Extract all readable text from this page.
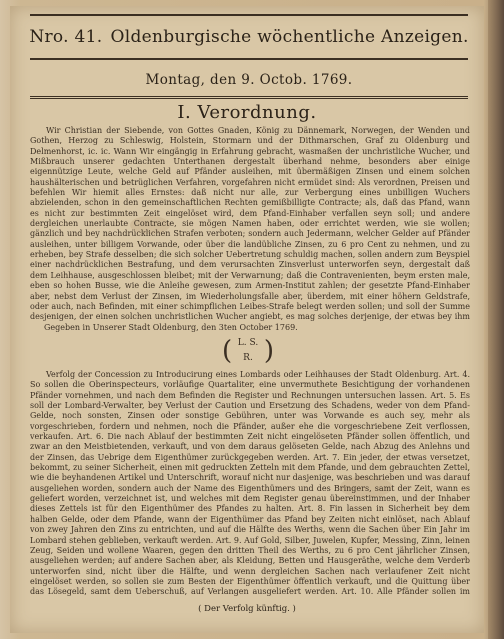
Nro. 41. Oldenburgische wöchentliche Anzeigen.
Montag, den 9. Octob. 1769.
I. Verordnung.
Wir Christian der Siebende, von Gottes Gnaden, König zu Dännemark, Norwegen, der Wenden und Gothen, Herzog zu Schleswig, Holstein, Stormarn und der Dithmarschen, Graf zu Oldenburg und Delmenhorst, ic. ic. Wann Wir eingängig in Erfahrung gebracht, wasmaßen der unchristliche Wucher, und Mißbrauch unserer gedachten Unterthanen dergestalt überhand nehme, besonders aber einige eigennützige Leute, welche Geld auf Pfänder ausleihen, mit übermäßigen Zinsen und einem solchen haushälterischen und betrüglichen Verfahren, vorgefahren nicht ermüdet sind: Als verordnen, Preisen und befehlen Wir hiemit alles Ernstes: daß nicht nur alle, zur Verbergung eines unbilligen Wuchers abzielenden, schon in den gemeinschaftlichen Rechten gemißbilligte Contracte; als, daß das Pfand, wann es nicht zur bestimmten Zeit eingelöset wird, dem Pfand-Einhaber verfallen seyn soll; und andere dergleichen unerlaubte Contracte, sie mögen Namen haben, oder errichtet werden, wie sie wollen; gänzlich und bey nachdrücklichen Strafen verboten; sondern auch Jedermann, welcher Gelder auf Pfänder ausleihen, unter billigem Vorwande, oder über die landübliche Zinsen, zu 6 pro Cent zu nehmen, und zu erheben, bey Strafe desselben; die sich solcher Uebertretung schuldig machen, sollen andern zum Beyspiel einer nachdrücklichen Bestrafung, und dem verursachten Zinsverlust unterworfen seyn, dergestalt daß dem Leihhause, ausgeschlossen bleibet; mit der Verwarnung; daß die Contravenienten, beym ersten male, eben so hohen Busse, wie die Anleihe gewesen, zum Armen-Institut zahlen; der gesetzte Pfand-Einhaber aber, nebst dem Verlust der Zinsen, im Wiederholungsfalle aber, überdem, mit einer höhern Geldstrafe, oder auch, nach Befinden, mit einer schimpflichen Leibes-Strafe belegt werden sollen; und soll der Summe desjenigen, der einen solchen unchristlichen Wucher angiebt, es mag solches derjenige, der etwas bey ihm
Gegeben in Unserer Stadt Oldenburg, den 3ten October 1769.
( L. S.
R. )
Verfolg der Concession zu Introducirung eines Lombards oder Leihhauses der Stadt Oldenburg. Art. 4. So sollen die Oberinspecteurs, vorläufige Quartaliter, eine unvermuthete Besichtigung der vorhandenen Pfänder vornehmen, und nach dem Befinden die Register und Rechnungen untersuchen lassen. Art. 5. Es soll der Lombard-Verwalter, bey Verlust der Caution und Ersetzung des Schadens, weder von dem Pfand-Gelde, noch sonsten, Zinsen oder sonstige Gebühren, unter was Vorwande es auch sey, mehr als vorgeschrieben, fordern und nehmen, noch die Pfänder, außer ehe die vorgeschriebene Zeit verflossen, verkaufen. Art. 6. Die nach Ablauf der bestimmten Zeit nicht eingelöseten Pfänder sollen öffentlich, und zwar an den Meistbietenden, verkauft, und von dem daraus gelöseten Gelde, nach Abzug des Anlehns und der Zinsen, das Uebrige dem Eigenthümer zurückgegeben werden. Art. 7. Ein jeder, der etwas versetzet, bekommt, zu seiner Sicherheit, einen mit gedruckten Zetteln mit dem Pfande, und dem gebrauchten Zettel, wie die beyhandenen Artikel und Unterschrift, worauf nicht nur dasjenige, was beschrieben und was darauf ausgeliehen worden, sondern auch der Name des Eigenthümers und des Bringers, samt der Zeit, wann es geliefert worden, verzeichnet ist, und welches mit dem Register genau übereinstimmen, und der Inhaber dieses Zettels ist für den Eigenthümer des Pfandes zu halten. Art. 8. Fin lassen in Sicherheit bey dem halben Gelde, oder dem Pfande, wann der Eigenthümer das Pfand bey Zeiten nicht einlöset, nach Ablauf von zwey Jahren den Zins zu entrichten, und auf die Hälfte des Werths, wenn die Sachen über Ein Jahr im Lombard stehen geblieben, verkauft werden. Art. 9. Auf Gold, Silber, Juwelen, Kupfer, Messing, Zinn, leinen Zeug, Seiden und wollene Waaren, gegen den dritten Theil des Werths, zu 6 pro Cent jährlicher Zinsen, ausgeliehen werden; auf andere Sachen aber, als Kleidung, Betten und Hausgeräthe, welche dem Verderb unterworfen sind, nicht über die Hälfte, und wenn dergleichen Sachen nach verlaufener Zeit nicht eingelöset werden, so sollen sie zum Besten der Eigenthümer öffentlich verkauft, und die Quittung über das Lösegeld, samt dem Ueberschuß, auf Verlangen ausgeliefert werden. Art. 10. Alle Pfänder sollen im
( Der Verfolg künftig. )
